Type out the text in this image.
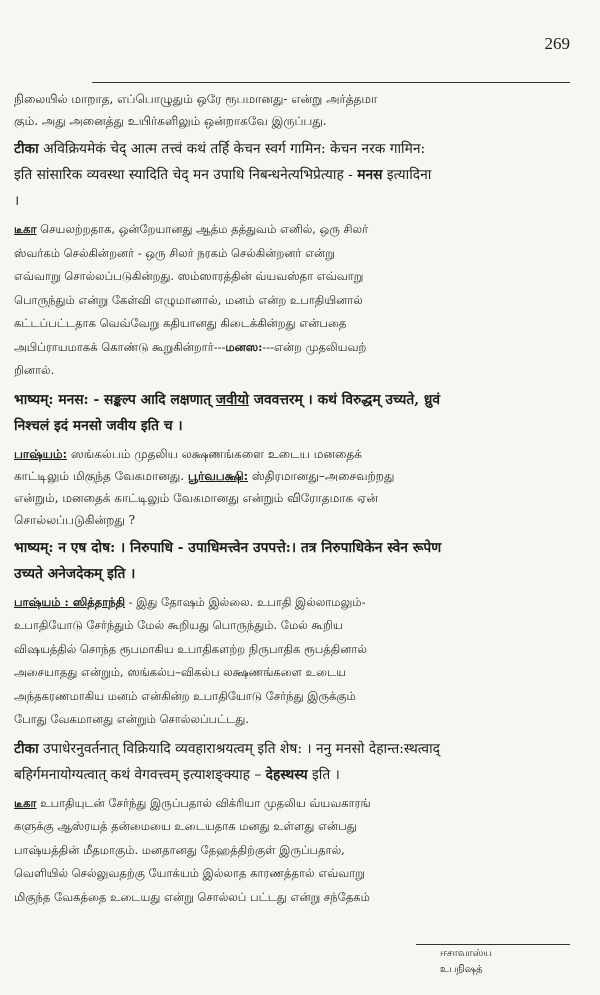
269
நிலையில் மாறாத, எப்பொழுதும் ஒரே ரூபமானது- என்று அர்த்தமா
கும். அது அனைத்து உயிர்களிலும் ஒன்றாகவே இருப்பது.
टीका अविक्रियमेकं चेद् आत्म तत्त्वं कथं तर्हि केचन स्वर्ग गामिन: केचन नरक गामिन:
इति सांसारिक व्यवस्था स्यादिति चेद् मन उपाधि निबन्धनेत्यभिप्रेत्याह - मनस इत्यादिना
।
டீகா செயலற்றதாக, ஒன்றேயானது ஆத்ம தத்துவம் எனில், ஒரு சிலர்
ஸ்வர்கம் செல்கின்றனர் - ஒரு சிலர் நரகம் செல்கின்றனர் என்று
எவ்வாறு சொல்லப்படுகின்றது. ஸம்ஸாரத்தின் வ்யவஸ்தா எவ்வாறு
பொருந்தும் என்று கேள்வி எழுமானால், மனம் என்ற உபாதியினால்
கட்டப்பட்டதாக வெவ்வேறு கதியானது கிடைக்கின்றது என்பதை
அபிப்ராயமாகக் கொண்டு கூறுகின்றார்---மனஸ:---என்ற முதலியவற்
றினால்.
भाष्यम्: मनस: - सङ्कल्प आदि लक्षणात् जवीयो जववत्तरम् । कथं विरुद्धम् उच्यते, ध्रुवं
निश्चलं इदं मनसो जवीय इति च ।
பாஷ்யம்: ஸங்கல்பம் முதலிய லக்ஷணங்களை உடைய மனதைக்
காட்டிலும் மிகுந்த வேகமானது. பூர்வபக்ஷி: ஸ்திரமானது–அசைவற்றது
என்றும், மனதைக் காட்டிலும் வேகமானது என்றும் விரோதமாக ஏன்
சொல்லப்படுகின்றது ?
भाष्यम्: न एष दोष: । निरुपाधि - उपाधिमत्त्वेन उपपत्ते:। तत्र निरुपाधिकेन स्वेन रूपेण
उच्यते अनेजदेकम् इति ।
பாஷ்யம் : ஸித்தாந்தி - இது தோஷம் இல்லை. உபாதி இல்லாமலும்-
உபாதியோடு சேர்ந்தும் மேல் கூறியது பொருந்தும். மேல் கூறிய
விஷயத்தில் சொந்த ரூபமாகிய உபாதிகளற்ற நிருபாதிக ரூபத்தினால்
அசையாதது என்றும், ஸங்கல்ப–விகல்ப லக்ஷணங்களை உடைய
அந்தகரணமாகிய மனம் என்கின்ற உபாதியோடு சேர்ந்து இருக்கும்
போது வேகமானது என்றும் சொல்லப்பட்டது.
टीका उपाधेरनुवर्तनात् विक्रियादि व्यवहाराश्रयत्वम् इति शेष: । ननु मनसो देहान्त:स्थत्वाद्
बहिर्गमनायोग्यत्वात् कथं वेगवत्त्वम् इत्याशङ्क्याह – देहस्थस्य इति ।
டீகா உபாதியுடன் சேர்ந்து இருப்பதால் விக்ரியா முதலிய வ்யவகாரங்
களுக்கு ஆஸ்ரயத் தன்மையை உடையதாக மனது உள்ளது என்பது
பாஷ்யத்தின் மீதமாகும். மனதானது தேஹத்திற்குள் இருப்பதால்,
வெளியில் செல்லுவதற்கு யோக்யம் இல்லாத காரணத்தால் எவ்வாறு
மிகுந்த வேகத்தை உடையது என்று சொல்லப் பட்டது என்று சந்தேகம்
ஈசாவாஸ்ய
உபநிஷத்
